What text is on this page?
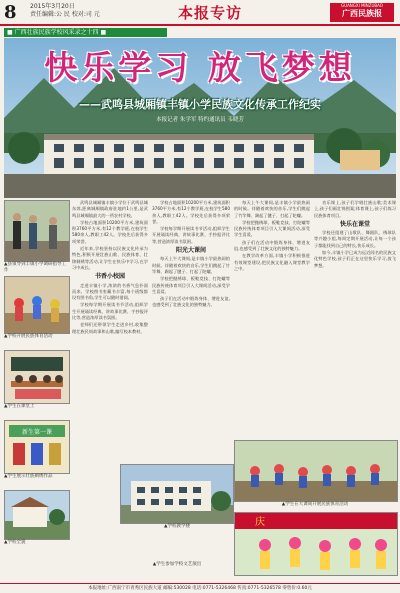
8 2015年3月20日
责任编辑:公 民 校对:司 元	本报专访	GUANGXI MINZUBAO
广西民族报
■ 广西壮族民族学校风采录之十四 ■
快乐学习 放飞梦想
——武鸣县城厢镇丰镇小学民族文化传承工作纪实
本报记者 朱学军 特约通讯员 韦晓芳
▲县领导到丰镇小学调研指导工作
▲学校开展民族体育活动
▲学生在课堂上
新生第一课
▲学生展示壮族刺绣作品
▲学校全貌

武鸣县城厢镇丰镇小学位于武鸣县城东郊,距离城厢镇政府驻地约1公里,是武鸣县城厢镇最大的一所农村学校。

学校占地面积10200平方米,建筑面积3760平方米,有12个教学班,在校学生580余人,教职工42人。学校先后获得多项荣誉。

近年来,学校坚持以民族文化传承为特色,积极开展壮族山歌、民族体育、壮锦刺绣等活动,让学生在快乐中学习,在学习中成长。

书香小校园

走进丰镇小学,浓浓的书香气息扑面而来。学校图书室藏书丰富,每个班级都设有图书角,学生可以随时借阅。

学校每学期开展读书节活动,组织学生开展诵读经典、讲故事比赛、手抄报评比等,营造浓厚读书氛围。

老师们还带领学生走进乡村,收集整理壮族民间故事和山歌,编写校本教材。

学校占地面积10200平方米,建筑面积3760平方米,有12个教学班,在校学生580余人,教职工42人。学校先后获得多项荣誉。

学校每学期开展读书节活动,组织学生开展诵读经典、讲故事比赛、手抄报评比等,营造浓厚读书氛围。

阳光大课间

每天上午大课间,是丰镇小学最热闹的时候。伴随着欢快的音乐,学生们跳起了竹竿舞、踢起了毽子、打起了陀螺。

学校把抛绣球、板鞋竞技、打陀螺等民族传统体育项目引入大课间活动,深受学生喜爱。

孩子们在活动中锻炼身体、增进友谊,也感受到了壮族文化的独特魅力。

每天上午大课间,是丰镇小学最热闹的时候。伴随着欢快的音乐,学生们跳起了竹竿舞、踢起了毽子、打起了陀螺。

学校把抛绣球、板鞋竞技、打陀螺等民族传统体育项目引入大课间活动,深受学生喜爱。

孩子们在活动中锻炼身体、增进友谊,也感受到了壮族文化的独特魅力。

在教学改革方面,丰镇小学积极推进有效课堂建设,把民族文化融入课堂教学之中。

音乐课上,孩子们学唱壮族山歌;美术课上,孩子们画壮锦图案;体育课上,孩子们练习民族体育项目。

快乐在课堂

学校还组建了山歌队、舞蹈队、绣球队等兴趣小组,每周定期开展活动,让每一个孩子都能找到自己的特长,快乐成长。

如今,丰镇小学已成为远近闻名的民族文化特色学校,孩子们正在这里快乐学习,放飞梦想。

▲学校教学楼
▲学生在大课间开展民族体育活动
庆
▲学生参加学校文艺演出
本报地址:广西南宁市青秀区民族大道 邮编:530028 电话:0771-5326468 传真:0771-5326578 零售价:0.60元
